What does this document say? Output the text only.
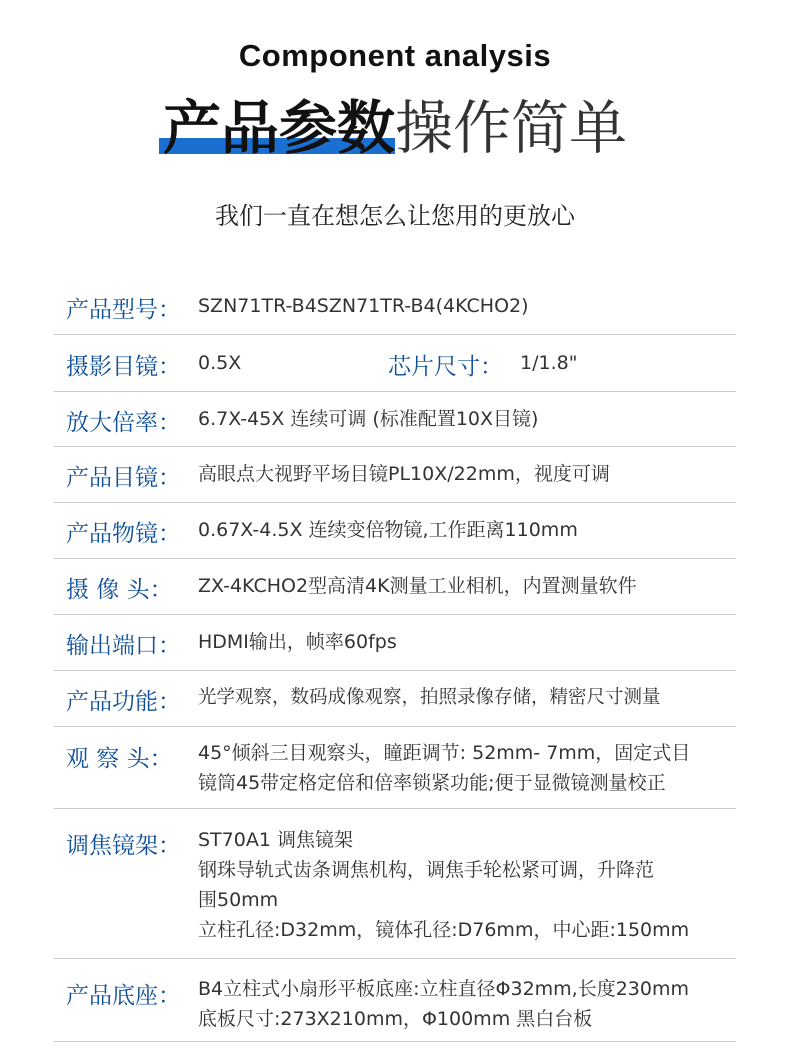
Component analysis
产品参数操作简单
我们一直在想怎么让您用的更放心
产品型号： SZN71TR-B4SZN71TR-B4(4KCHO2)
摄影目镜： 0.5X	芯片尺寸： 1/1.8"
放大倍率： 6.7X-45X 连续可调 (标准配置10X目镜)
产品目镜： 高眼点大视野平场目镜PL10X/22mm，视度可调
产品物镜： 0.67X-4.5X 连续变倍物镜,工作距离110mm
摄 像 头： ZX-4KCHO2型高清4K测量工业相机，内置测量软件
输出端口： HDMI输出，帧率60fps
产品功能： 光学观察，数码成像观察，拍照录像存储，精密尺寸测量
观 察 头： 45°倾斜三目观察头，瞳距调节: 52mm- 7mm，固定式目
镜筒45带定格定倍和倍率锁紧功能;便于显微镜测量校正
调焦镜架： ST70A1 调焦镜架
钢珠导轨式齿条调焦机构，调焦手轮松紧可调，升降范
围50mm
立柱孔径:D32mm，镜体孔径:D76mm，中心距:150mm
产品底座： B4立柱式小扇形平板底座:立柱直径Φ32mm,长度230mm
底板尺寸:273X210mm，Φ100mm 黑白台板
